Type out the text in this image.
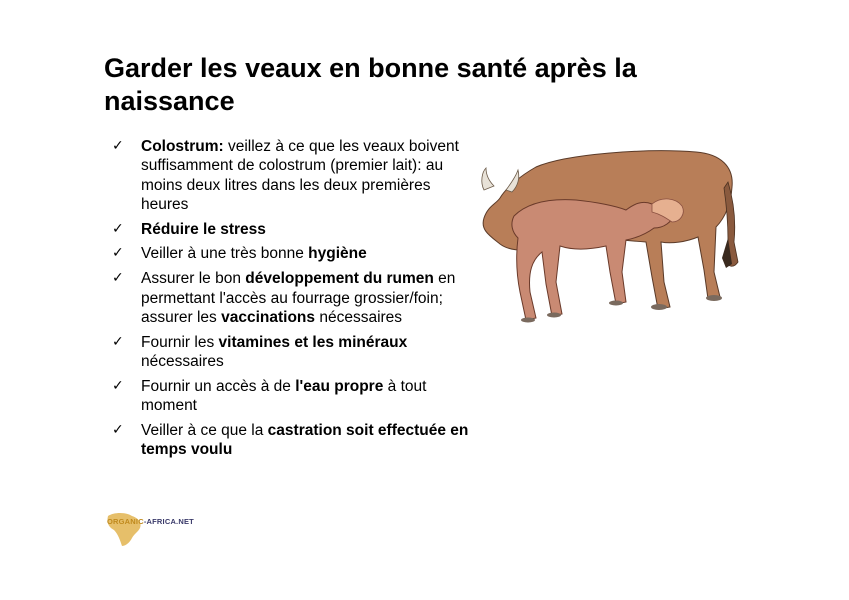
Garder les veaux en bonne santé après la naissance
✓ Colostrum: veillez à ce que les veaux boivent suffisamment de colostrum (premier lait): au moins deux litres dans les deux premières heures
✓ Réduire le stress
✓ Veiller à une très bonne hygiène
✓ Assurer le bon développement du rumen en permettant l'accès au fourrage grossier/foin; assurer les vaccinations nécessaires
✓ Fournir les vitamines et les minéraux nécessaires
✓ Fournir un accès à de l'eau propre à tout moment
✓ Veiller à ce que la castration soit effectuée en temps voulu
ORGANIC-AFRICA.NET
